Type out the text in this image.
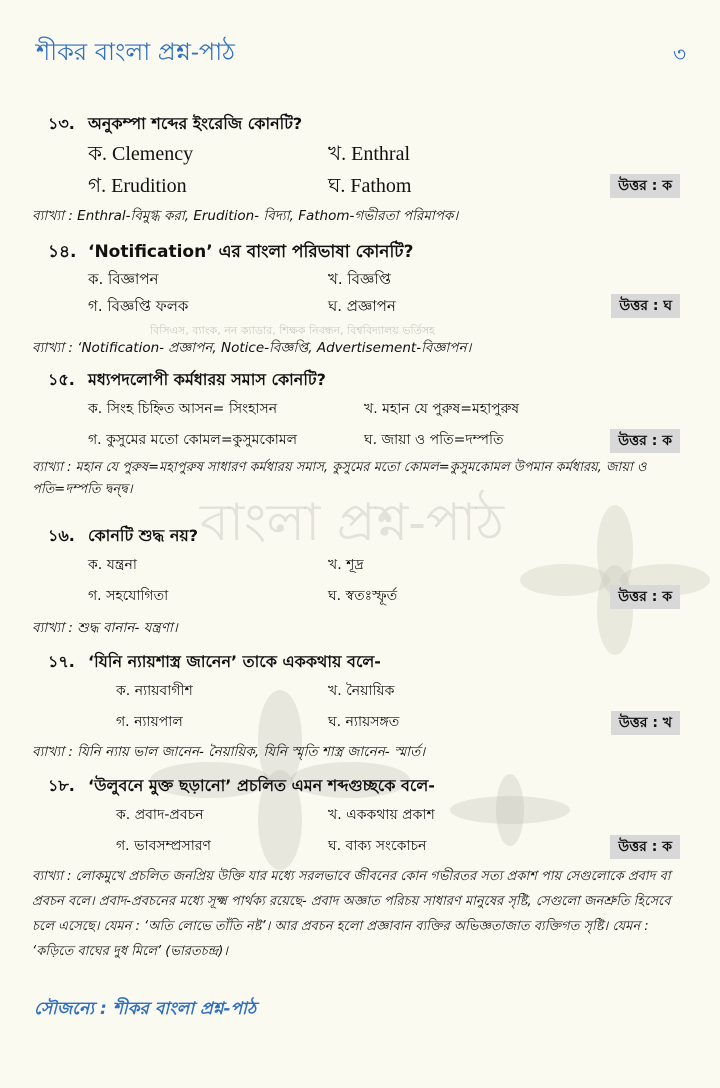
বাংলা প্রশ্ন-পাঠ
বিসিএস, ব্যাংক, নন ক্যাডার, শিক্ষক নিবন্ধন, বিশ্ববিদ্যালয় ভর্তিসহ
শীকর বাংলা প্রশ্ন-পাঠ	৩
১৩. অনুকম্পা শব্দের ইংরেজি কোনটি?
ক. Clemency	খ. Enthral
গ. Erudition	ঘ. Fathom	উত্তর : ক
ব্যাখ্যা : Enthral-বিমুগ্ধ করা, Erudition- বিদ্যা, Fathom-গভীরতা পরিমাপক।
১৪. ‘Notification’ এর বাংলা পরিভাষা কোনটি?
ক. বিজ্ঞাপন	খ. বিজ্ঞপ্তি
গ. বিজ্ঞপ্তি ফলক	ঘ. প্রজ্ঞাপন	উত্তর : ঘ
ব্যাখ্যা : ‘Notification- প্রজ্ঞাপন, Notice-বিজ্ঞপ্তি, Advertisement-বিজ্ঞাপন।
১৫. মধ্যপদলোপী কর্মধারয় সমাস কোনটি?
ক. সিংহ চিহ্নিত আসন= সিংহাসন	খ. মহান যে পুরুষ=মহাপুরুষ
গ. কুসুমের মতো কোমল=কুসুমকোমল	ঘ. জায়া ও পতি=দম্পতি	উত্তর : ক
ব্যাখ্যা : মহান যে পুরুষ=মহাপুরুষ সাধারণ কর্মধারয় সমাস, কুসুমের মতো কোমল=কুসুমকোমল উপমান কর্মধারয়, জায়া ও পতি=দম্পতি দ্বন্দ্ব।
১৬. কোনটি শুদ্ধ নয়?
ক. যন্ত্রনা	খ. শূদ্র
গ. সহযোগিতা	ঘ. স্বতঃস্ফূর্ত	উত্তর : ক
ব্যাখ্যা : শুদ্ধ বানান- যন্ত্রণা।
১৭. ‘যিনি ন্যায়শাস্ত্র জানেন’ তাকে এককথায় বলে-
ক. ন্যায়বাগীশ	খ. নৈয়ায়িক
গ. ন্যায়পাল	ঘ. ন্যায়সঙ্গত	উত্তর : খ
ব্যাখ্যা : যিনি ন্যায় ভাল জানেন- নৈয়ায়িক, যিনি স্মৃতি শাস্ত্র জানেন- স্মার্ত।
১৮. ‘উলুবনে মুক্ত ছড়ানো’ প্রচলিত এমন শব্দগুচ্ছকে বলে-
ক. প্রবাদ-প্রবচন	খ. এককথায় প্রকাশ
গ. ভাবসম্প্রসারণ	ঘ. বাক্য সংকোচন	উত্তর : ক
ব্যাখ্যা : লোকমুখে প্রচলিত জনপ্রিয় উক্তি যার মধ্যে সরলভাবে জীবনের কোন গভীরতর সত্য প্রকাশ পায় সেগুলোকে প্রবাদ বা প্রবচন বলে। প্রবাদ-প্রবচনের মধ্যে সূক্ষ্ম পার্থক্য রয়েছে- প্রবাদ অজ্ঞাত পরিচয় সাধারণ মানুষের সৃষ্টি, সেগুলো জনশ্রুতি হিসেবে চলে এসেছে। যেমন : ‘অতি লোভে তাঁতি নষ্ট’। আর প্রবচন হলো প্রজ্ঞাবান ব্যক্তির অভিজ্ঞতাজাত ব্যক্তিগত সৃষ্টি। যেমন : ‘কড়িতে বাঘের দুধ মিলে’ (ভারতচন্দ্র)।
সৌজন্যে : শীকর বাংলা প্রশ্ন-পাঠ
